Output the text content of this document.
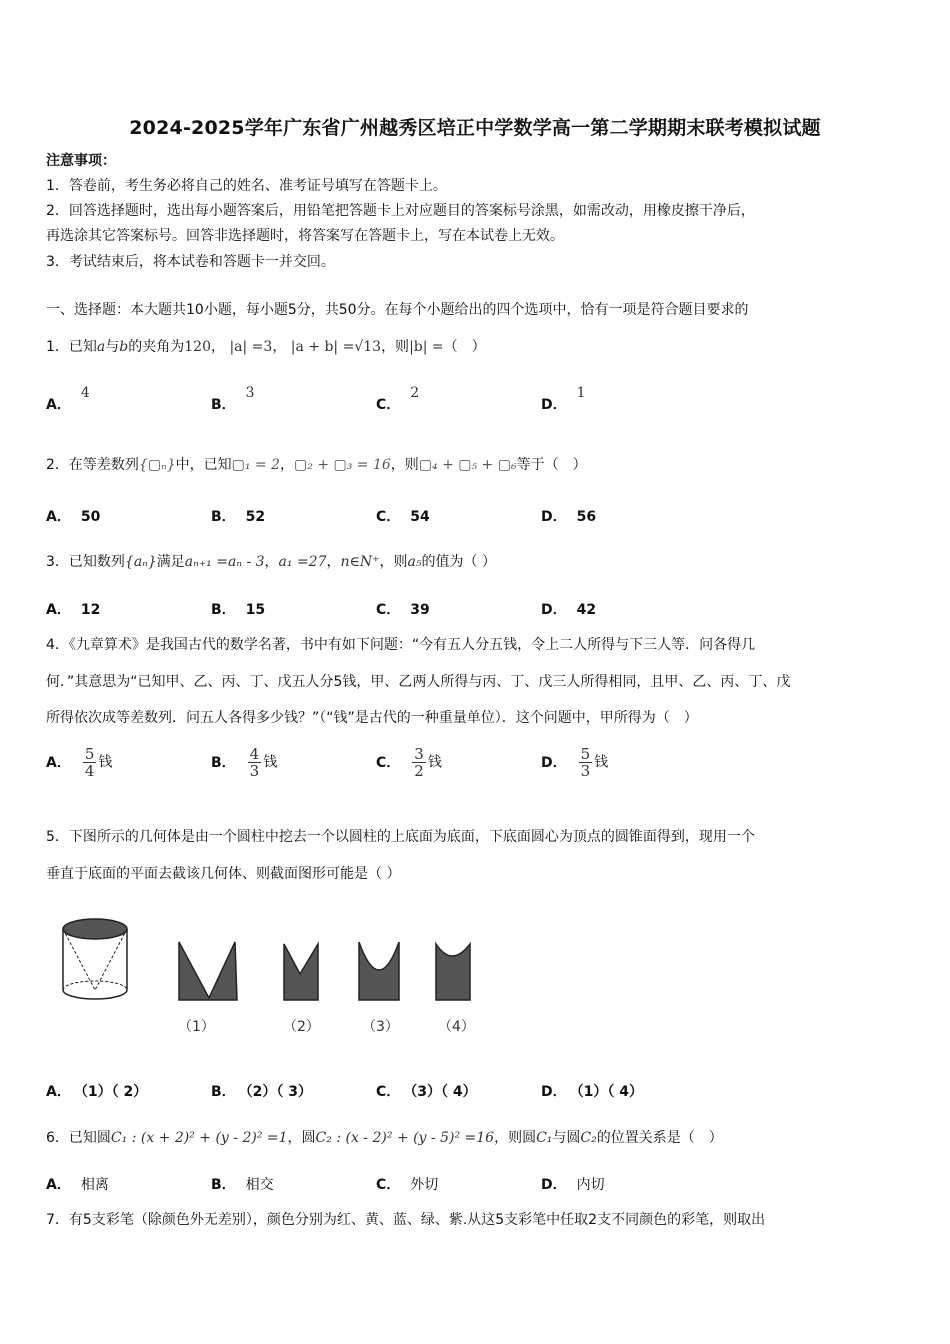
2024-2025学年广东省广州越秀区培正中学数学高一第二学期期末联考模拟试题
注意事项：
1．答卷前，考生务必将自己的姓名、准考证号填写在答题卡上。
2．回答选择题时，选出每小题答案后，用铅笔把答题卡上对应题目的答案标号涂黑，如需改动，用橡皮擦干净后，
再选涂其它答案标号。回答非选择题时，将答案写在答题卡上，写在本试卷上无效。
3．考试结束后，将本试卷和答题卡一并交回。
一、选择题：本大题共10小题，每小题5分，共50分。在每个小题给出的四个选项中，恰有一项是符合题目要求的
1．已知a与b的夹角为120， |a| =3， |a + b| =√13，则|b| =（　）
A．4
B．3
C．2
D．1
2．在等差数列{▢ₙ}中，已知▢₁ = 2，▢₂ + ▢₃ = 16，则▢₄ + ▢₅ + ▢₆等于（　）
A． 50	B． 52	C． 54	D． 56
3．已知数列{aₙ}满足aₙ₊₁ =aₙ - 3，a₁ =27，n∈N⁺，则a₅的值为（ ）
A． 12	B． 15	C． 39	D． 42
4．《九章算术》是我国古代的数学名著，书中有如下问题：“今有五人分五钱，令上二人所得与下三人等．问各得几
何．”其意思为“已知甲、乙、丙、丁、戊五人分5钱，甲、乙两人所得与丙、丁、戊三人所得相同，且甲、乙、丙、丁、戊
所得依次成等差数列．问五人各得多少钱？”（“钱”是古代的一种重量单位）．这个问题中，甲所得为（　）
A． $\frac{5}{4}$ 钱	B． $\frac{4}{3}$ 钱	C． $\frac{3}{2}$ 钱	D． $\frac{5}{3}$ 钱
5．下图所示的几何体是由一个圆柱中挖去一个以圆柱的上底面为底面，下底面圆心为顶点的圆锥面得到，现用一个
垂直于底面的平面去截该几何体、则截面图形可能是（ ）
（1）	（2）	（3）	（4）
A． （1）（ 2）	B． （2）（ 3）	C． （3）（ 4）	D． （1）（ 4）
6．已知圆C₁ : (x + 2)² + (y - 2)² =1，圆C₂ : (x - 2)² + (y - 5)² =16，则圆C₁与圆C₂的位置关系是（　）
A． 相离	B． 相交	C． 外切	D． 内切
7．有5支彩笔（除颜色外无差别），颜色分别为红、黄、蓝、绿、紫.从这5支彩笔中任取2支不同颜色的彩笔，则取出
